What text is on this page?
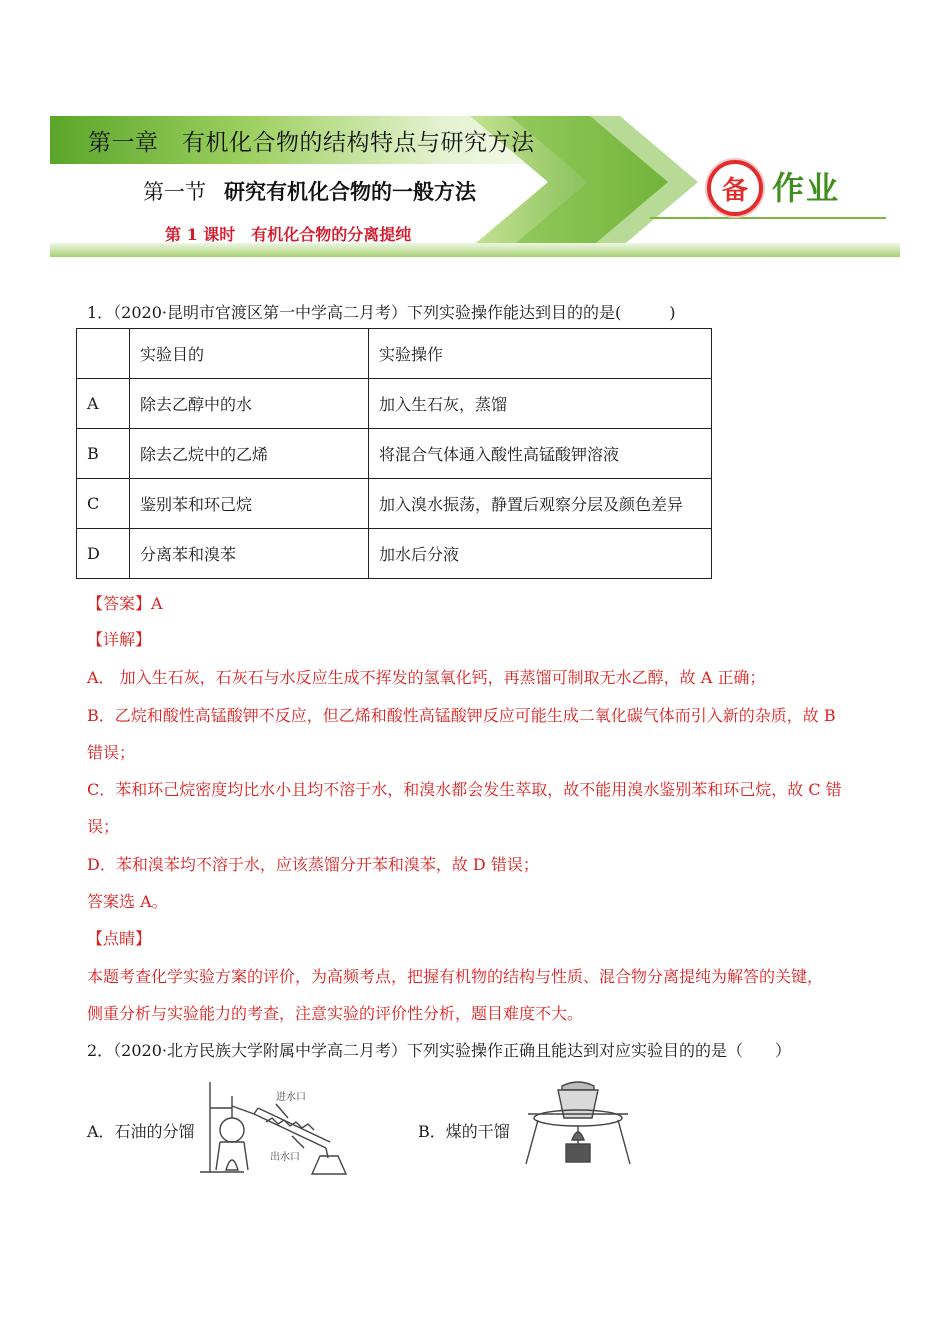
第一章　有机化合物的结构特点与研究方法
第一节 研究有机化合物的一般方法
第 1 课时　有机化合物的分离提纯
备 作业
1．（2020·昆明市官渡区第一中学高二月考）下列实验操作能达到目的的是(　　　)
	实验目的	实验操作
A	除去乙醇中的水	加入生石灰，蒸馏
B	除去乙烷中的乙烯	将混合气体通入酸性高锰酸钾溶液
C	鉴别苯和环己烷	加入溴水振荡，静置后观察分层及颜色差异
D	分离苯和溴苯	加水后分液
【答案】A
【详解】
A． 加入生石灰，石灰石与水反应生成不挥发的氢氧化钙，再蒸馏可制取无水乙醇，故 A 正确；
B．乙烷和酸性高锰酸钾不反应，但乙烯和酸性高锰酸钾反应可能生成二氧化碳气体而引入新的杂质，故 B
错误；
C．苯和环己烷密度均比水小且均不溶于水，和溴水都会发生萃取，故不能用溴水鉴别苯和环己烷，故 C 错
误；
D．苯和溴苯均不溶于水，应该蒸馏分开苯和溴苯，故 D 错误；
答案选 A。
【点睛】
本题考查化学实验方案的评价，为高频考点，把握有机物的结构与性质、混合物分离提纯为解答的关键，
侧重分析与实验能力的考查，注意实验的评价性分析，题目难度不大。
2．（2020·北方民族大学附属中学高二月考）下列实验操作正确且能达到对应实验目的的是（　　）
A．石油的分馏	B．煤的干馏
进水口
出水口
